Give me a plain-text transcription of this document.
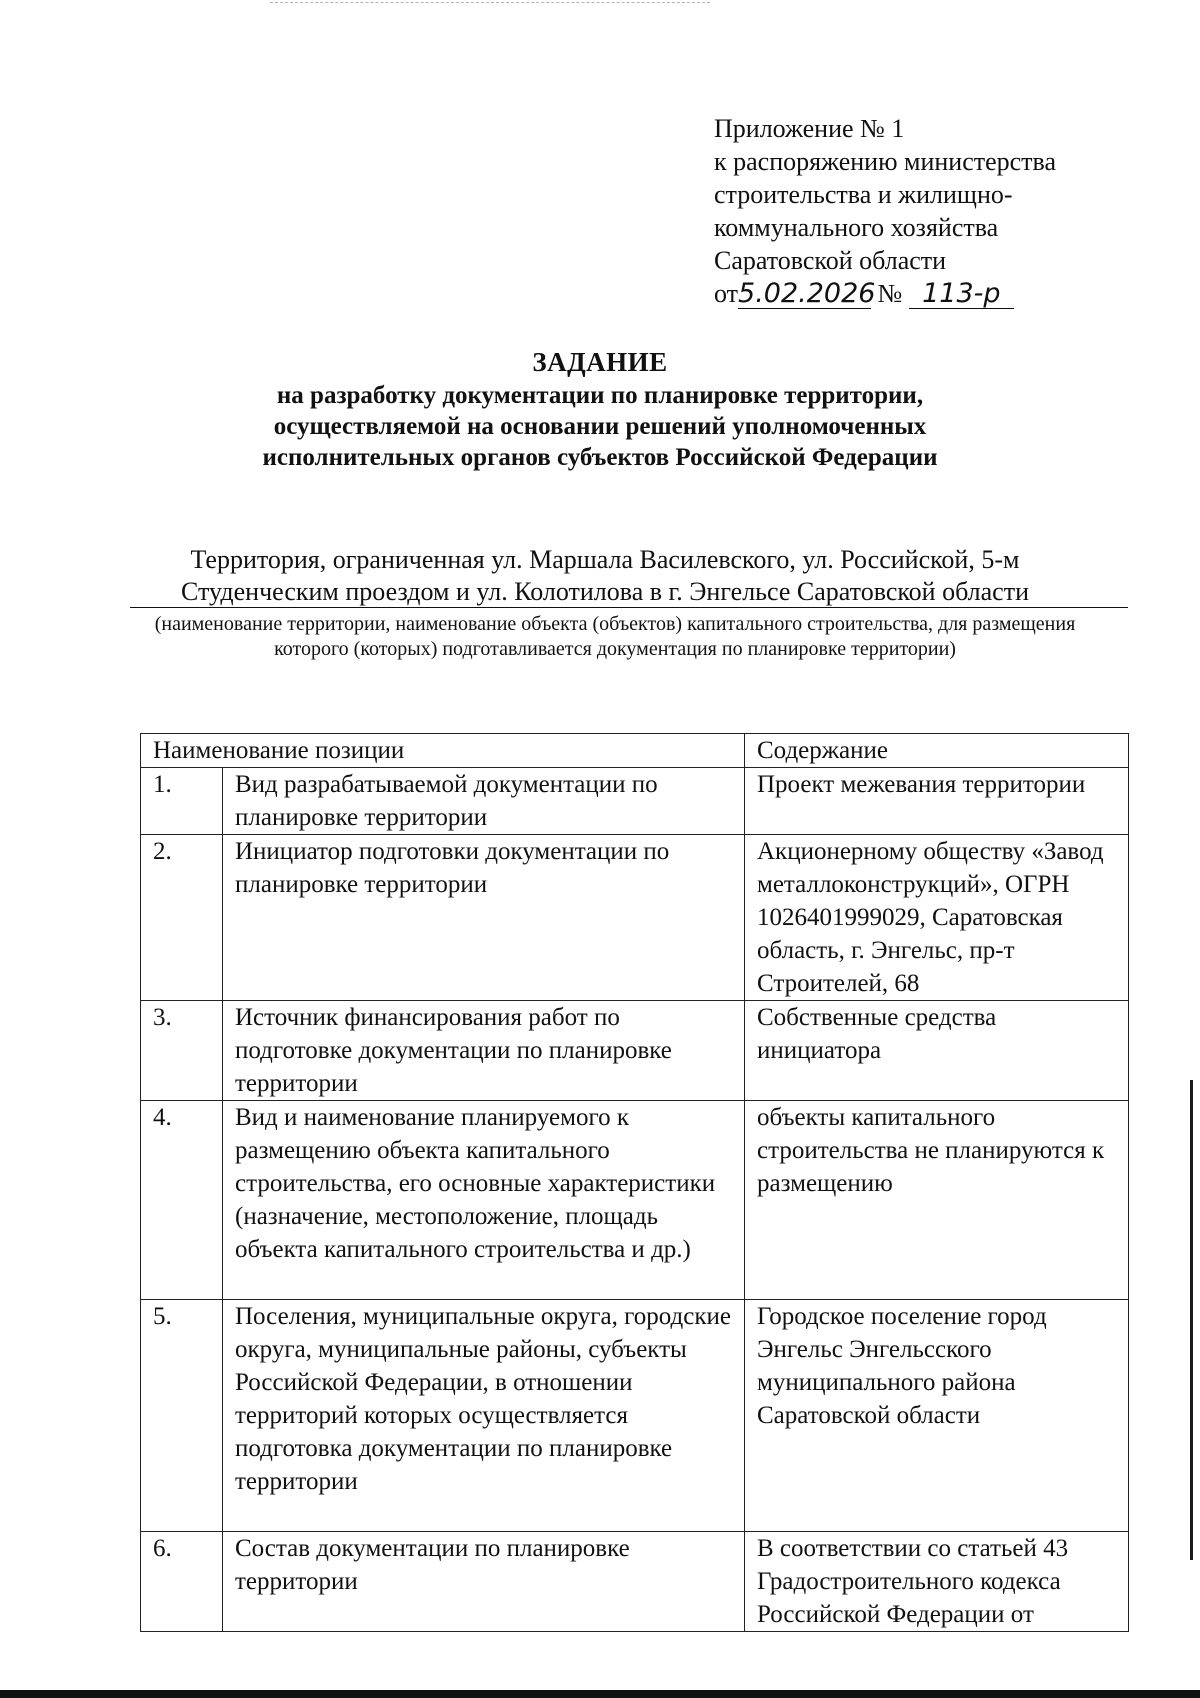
Приложение № 1
к распоряжению министерства
строительства и жилищно-
коммунального хозяйства
Саратовской области
от5.02.2026 № 113-р
ЗАДАНИЕ
на разработку документации по планировке территории,
осуществляемой на основании решений уполномоченных
исполнительных органов субъектов Российской Федерации
Территория, ограниченная ул. Маршала Василевского, ул. Российской, 5-м
Студенческим проездом и ул. Колотилова в г. Энгельсе Саратовской области
(наименование территории, наименование объекта (объектов) капитального строительства, для размещения которого (которых) подготавливается документация по планировке территории)
Наименование позиции		Содержание
1.	Вид разрабатываемой документации по планировке территории	Проект межевания территории
2.	Инициатор подготовки документации по планировке территории	Акционерному обществу «Завод металлоконструкций», ОГРН 1026401999029, Саратовская область, г. Энгельс, пр-т Строителей, 68
3.	Источник финансирования работ по подготовке документации по планировке территории	Собственные средства инициатора
4.	Вид и наименование планируемого к размещению объекта капитального строительства, его основные характеристики (назначение, местоположение, площадь объекта капитального строительства и др.)	объекты капитального строительства не планируются к размещению
5.	Поселения, муниципальные округа, городские округа, муниципальные районы, субъекты Российской Федерации, в отношении территорий которых осуществляется подготовка документации по планировке территории	Городское поселение город Энгельс Энгельсского муниципального района Саратовской области
6.	Состав документации по планировке территории	В соответствии со статьей 43 Градостроительного кодекса Российской Федерации от
